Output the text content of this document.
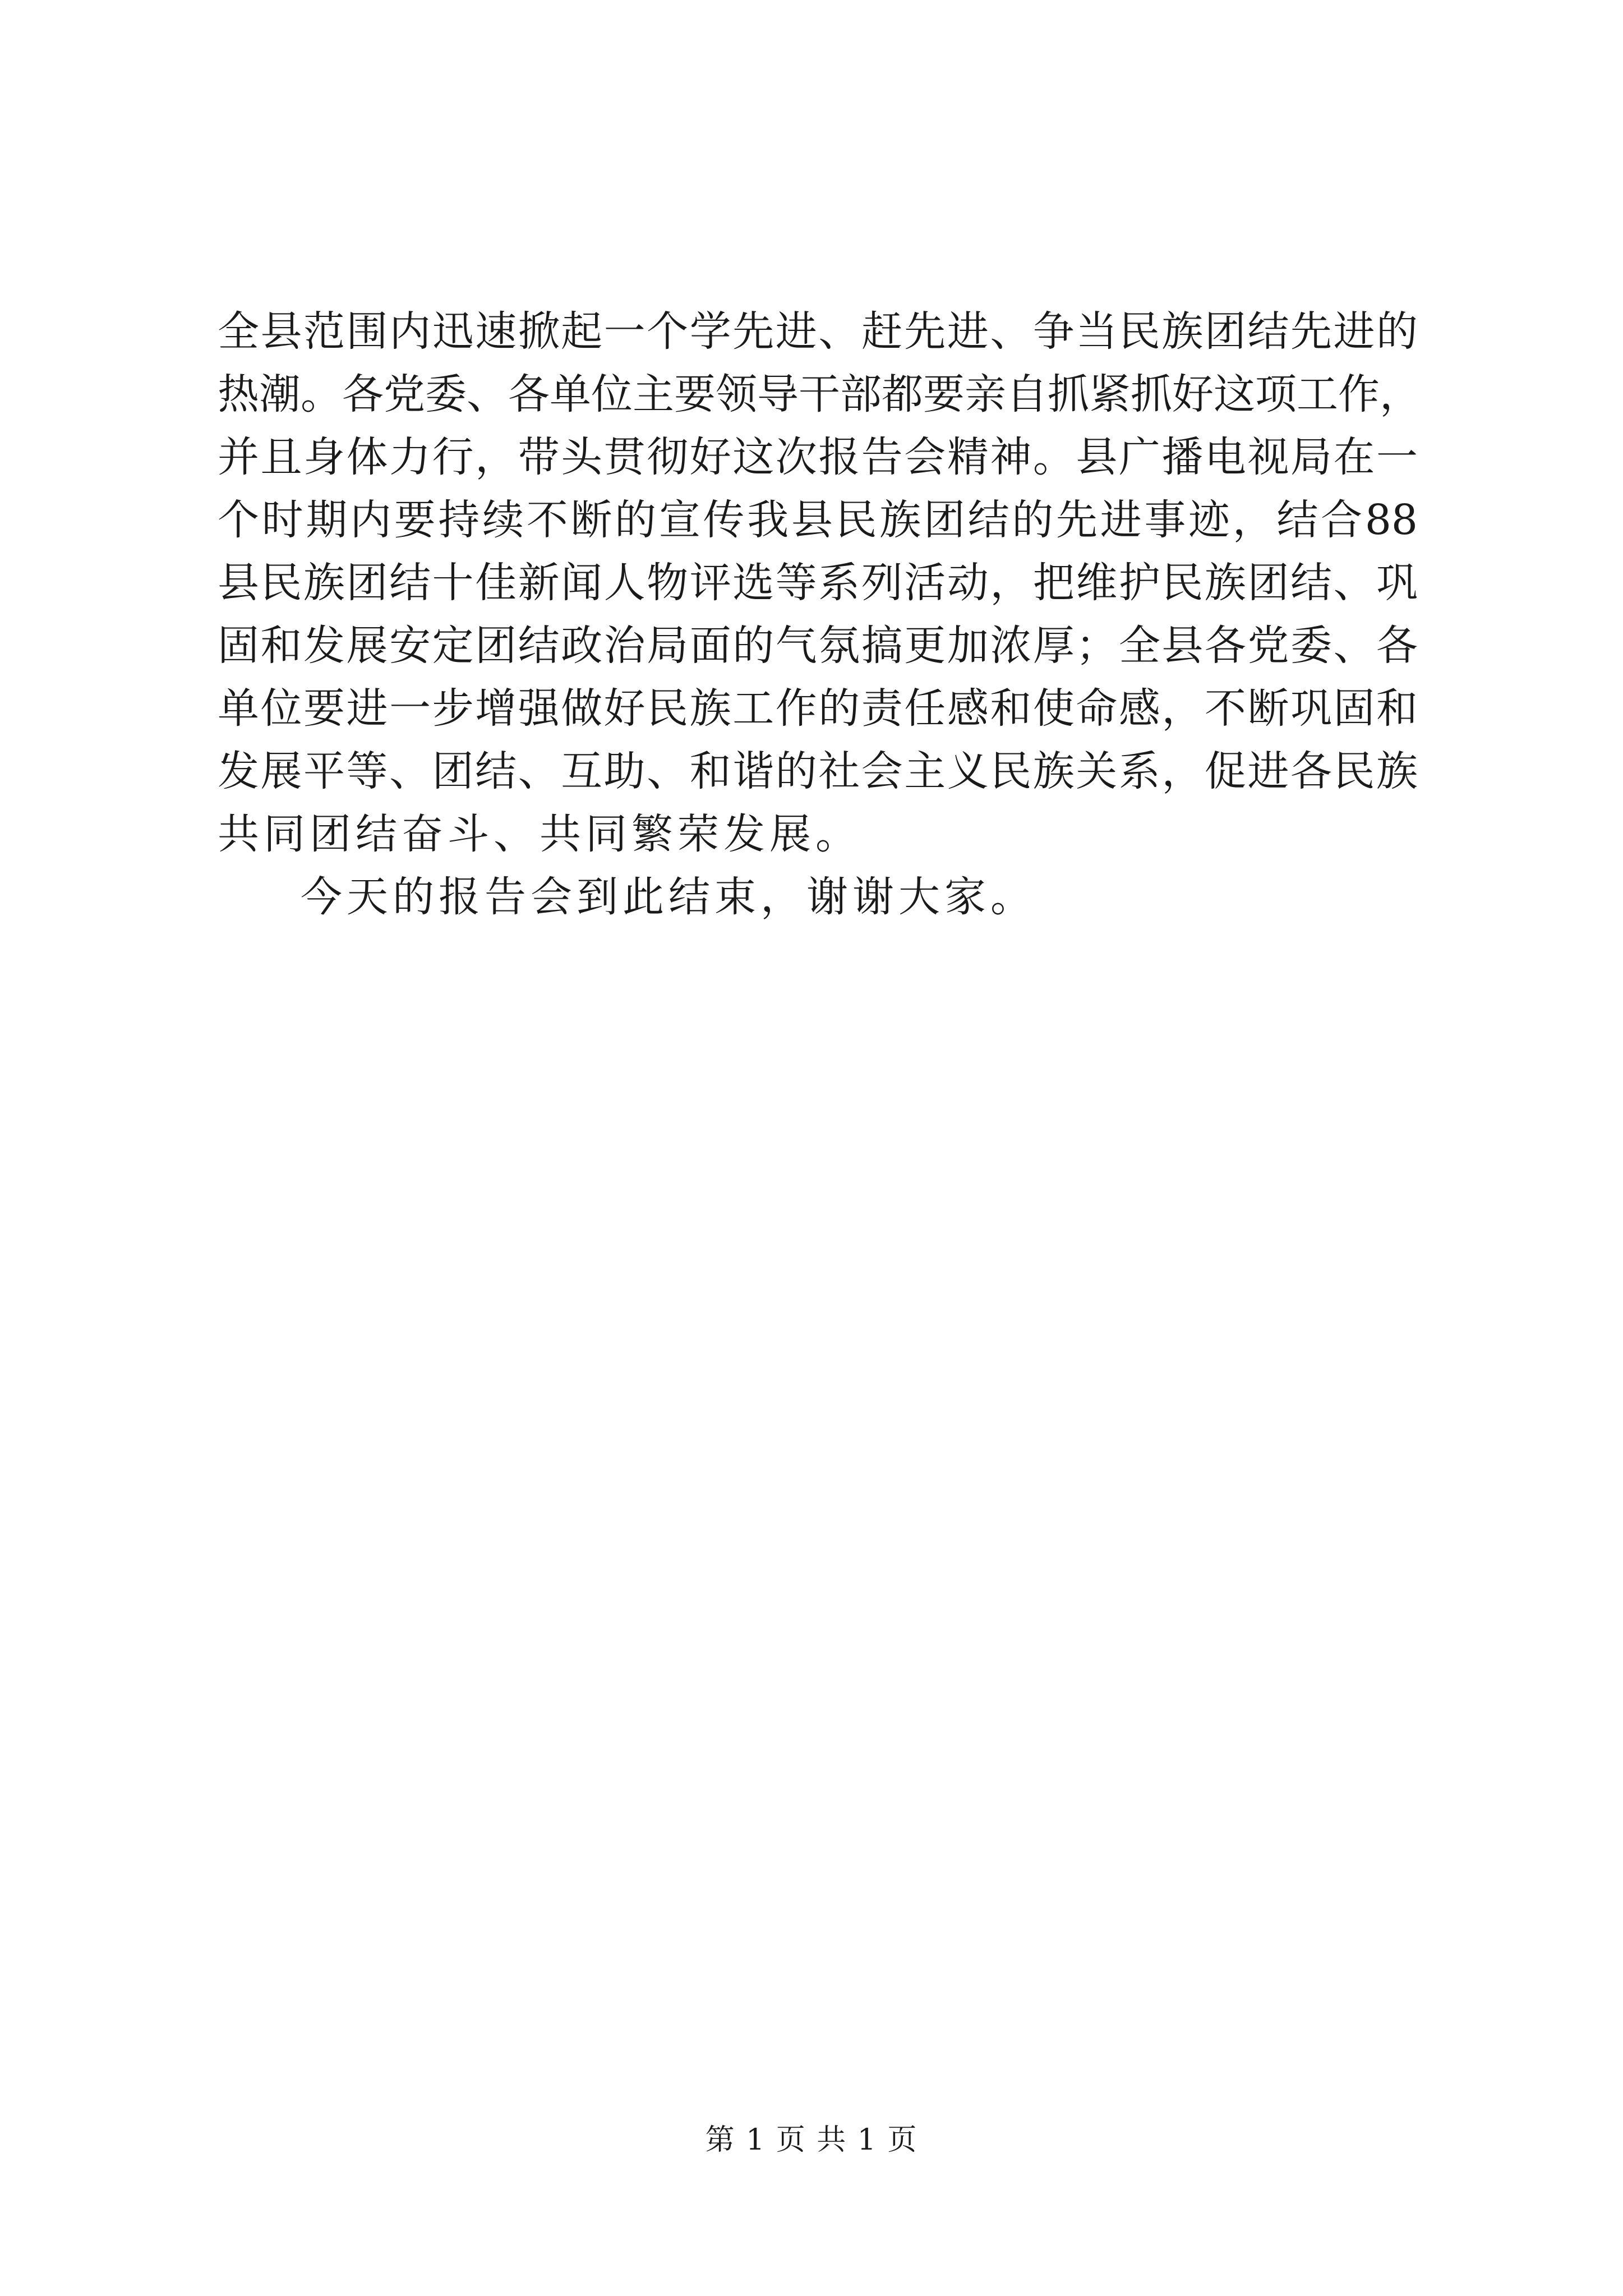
全县范围内迅速掀起一个学先进、赶先进、争当民族团结先进的
热潮。各党委、各单位主要领导干部都要亲自抓紧抓好这项工作，
并且身体力行，带头贯彻好这次报告会精神。县广播电视局在一
个时期内要持续不断的宣传我县民族团结的先进事迹，结合88
县民族团结十佳新闻人物评选等系列活动，把维护民族团结、巩
固和发展安定团结政治局面的气氛搞更加浓厚；全县各党委、各
单位要进一步增强做好民族工作的责任感和使命感，不断巩固和
发展平等、团结、互助、和谐的社会主义民族关系，促进各民族
共同团结奋斗、共同繁荣发展。
今天的报告会到此结束，谢谢大家。
第 1 页 共 1 页
